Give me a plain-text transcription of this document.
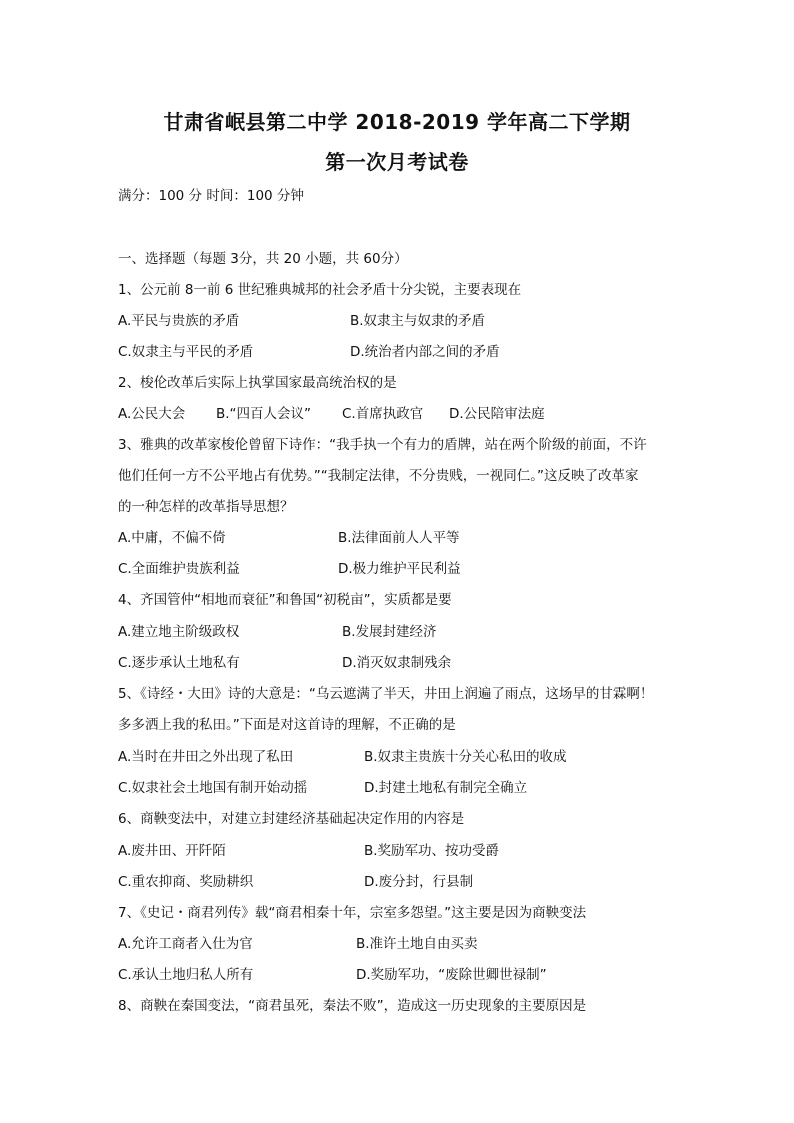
甘肃省岷县第二中学 2018-2019 学年高二下学期
第一次月考试卷
满分：100 分 时间：100 分钟
一、选择题（每题 3分，共 20 小题，共 60分）
1、公元前 8一前 6 世纪雅典城邦的社会矛盾十分尖锐，主要表现在
A.平民与贵族的矛盾	B.奴隶主与奴隶的矛盾
C.奴隶主与平民的矛盾	D.统治者内部之间的矛盾
2、梭伦改革后实际上执掌国家最高统治权的是
A.公民大会 B.“四百人会议” C.首席执政官 D.公民陪审法庭
3、雅典的改革家梭伦曾留下诗作：“我手执一个有力的盾牌，站在两个阶级的前面，不许
他们任何一方不公平地占有优势。”“我制定法律，不分贵贱，一视同仁。”这反映了改革家
的一种怎样的改革指导思想？
A.中庸，不偏不倚	B.法律面前人人平等
C.全面维护贵族利益	D.极力维护平民利益
4、齐国管仲“相地而衰征”和鲁国“初税亩”，实质都是要
A.建立地主阶级政权	B.发展封建经济
C.逐步承认土地私有	D.消灭奴隶制残余
5、《诗经・大田》诗的大意是：“乌云遮满了半天，井田上润遍了雨点，这场早的甘霖啊！
多多洒上我的私田。”下面是对这首诗的理解，不正确的是
A.当时在井田之外出现了私田	B.奴隶主贵族十分关心私田的收成
C.奴隶社会土地国有制开始动摇	D.封建土地私有制完全确立
6、商鞅变法中，对建立封建经济基础起决定作用的内容是
A.废井田、开阡陌	B.奖励军功、按功受爵
C.重农抑商、奖励耕织	D.废分封，行县制
7、《史记・商君列传》载“商君相秦十年，宗室多怨望。”这主要是因为商鞅变法
A.允许工商者入仕为官	B.准许土地自由买卖
C.承认土地归私人所有	D.奖励军功，“废除世卿世禄制”
8、商鞅在秦国变法，“商君虽死，秦法不败”，造成这一历史现象的主要原因是
